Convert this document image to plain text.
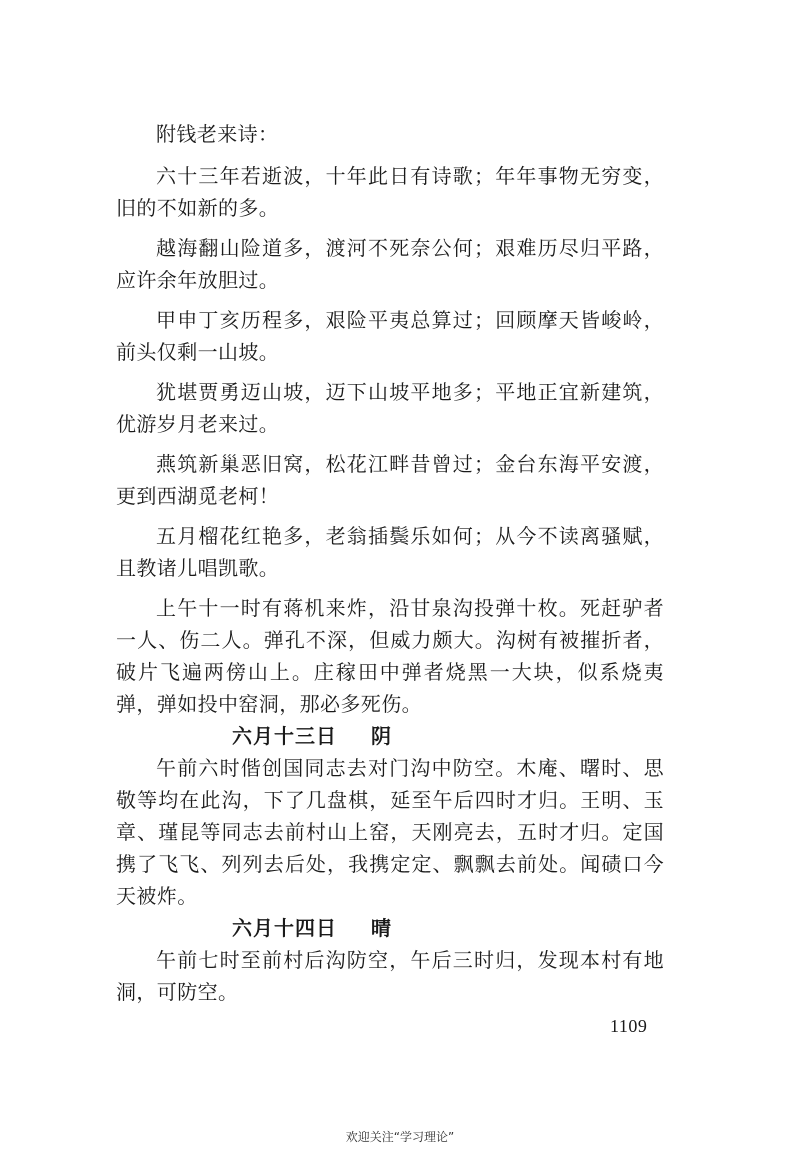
附钱老来诗：

六十三年若逝波，十年此日有诗歌；年年事物无穷变，旧的不如新的多。

越海翻山险道多，渡河不死奈公何；艰难历尽归平路，应许余年放胆过。

甲申丁亥历程多，艰险平夷总算过；回顾摩天皆峻岭，前头仅剩一山坡。

犹堪贾勇迈山坡，迈下山坡平地多；平地正宜新建筑，优游岁月老来过。

燕筑新巢恶旧窝，松花江畔昔曾过；金台东海平安渡，更到西湖觅老柯！

五月榴花红艳多，老翁插鬓乐如何；从今不读离骚赋，且教诸儿唱凯歌。

上午十一时有蒋机来炸，沿甘泉沟投弹十枚。死赶驴者一人、伤二人。弹孔不深，但威力颇大。沟树有被摧折者，破片飞遍两傍山上。庄稼田中弹者烧黑一大块，似系烧夷弹，弹如投中窑洞，那必多死伤。

六月十三日 阴

午前六时偕创国同志去对门沟中防空。木庵、曙时、思敬等均在此沟，下了几盘棋，延至午后四时才归。王明、玉章、瑾昆等同志去前村山上窑，天刚亮去，五时才归。定国携了飞飞、列列去后处，我携定定、飘飘去前处。闻碛口今天被炸。

六月十四日 晴

午前七时至前村后沟防空，午后三时归，发现本村有地洞，可防空。

1109
欢迎关注“学习理论”
